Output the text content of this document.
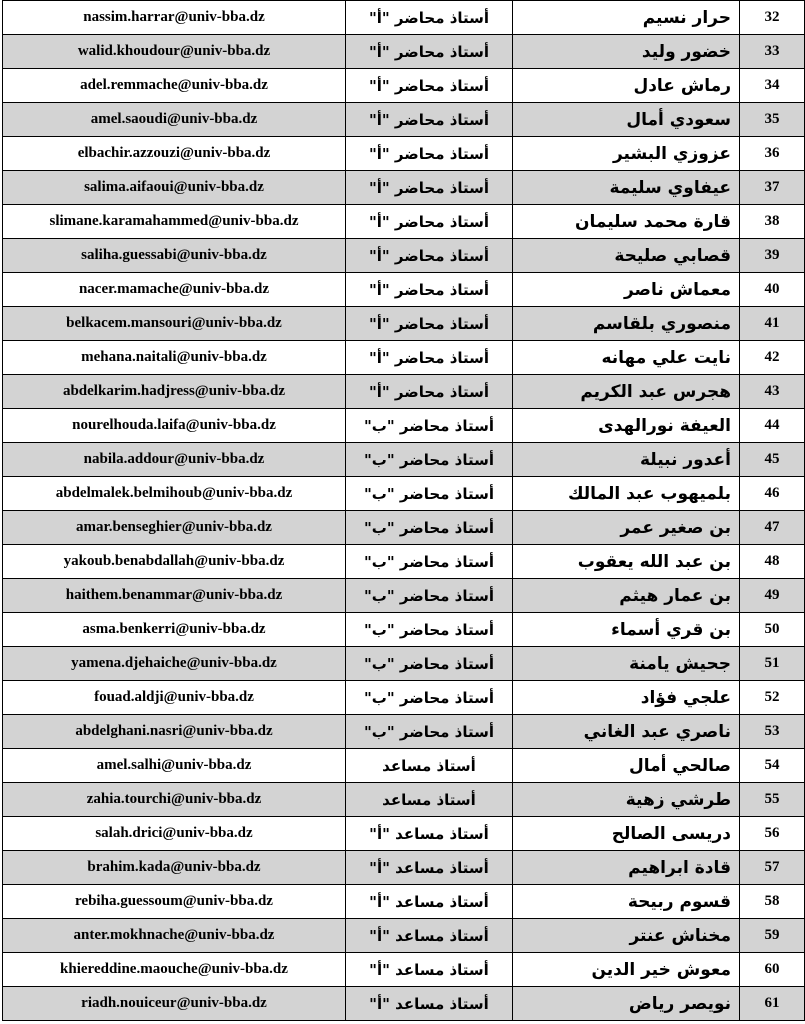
nassim.harrar@univ-bba.dz	أستاذ محاضر "أ"	حرار نسيم	32
walid.khoudour@univ-bba.dz	أستاذ محاضر "أ"	خضور وليد	33
adel.remmache@univ-bba.dz	أستاذ محاضر "أ"	رماش عادل	34
amel.saoudi@univ-bba.dz	أستاذ محاضر "أ"	سعودي أمال	35
elbachir.azzouzi@univ-bba.dz	أستاذ محاضر "أ"	عزوزي البشير	36
salima.aifaoui@univ-bba.dz	أستاذ محاضر "أ"	عيفاوي سليمة	37
slimane.karamahammed@univ-bba.dz	أستاذ محاضر "أ"	قارة محمد سليمان	38
saliha.guessabi@univ-bba.dz	أستاذ محاضر "أ"	قصابي صليحة	39
nacer.mamache@univ-bba.dz	أستاذ محاضر "أ"	معماش ناصر	40
belkacem.mansouri@univ-bba.dz	أستاذ محاضر "أ"	منصوري بلقاسم	41
mehana.naitali@univ-bba.dz	أستاذ محاضر "أ"	نايت علي مهانه	42
abdelkarim.hadjress@univ-bba.dz	أستاذ محاضر "أ"	هجرس عبد الكريم	43
nourelhouda.laifa@univ-bba.dz	أستاذ محاضر "ب"	العيفة نورالهدى	44
nabila.addour@univ-bba.dz	أستاذ محاضر "ب"	أعدور نبيلة	45
abdelmalek.belmihoub@univ-bba.dz	أستاذ محاضر "ب"	بلميهوب عبد المالك	46
amar.benseghier@univ-bba.dz	أستاذ محاضر "ب"	بن صغير عمر	47
yakoub.benabdallah@univ-bba.dz	أستاذ محاضر "ب"	بن عبد الله يعقوب	48
haithem.benammar@univ-bba.dz	أستاذ محاضر "ب"	بن عمار هيثم	49
asma.benkerri@univ-bba.dz	أستاذ محاضر "ب"	بن قري أسماء	50
yamena.djehaiche@univ-bba.dz	أستاذ محاضر "ب"	جحيش يامنة	51
fouad.aldji@univ-bba.dz	أستاذ محاضر "ب"	علجي فؤاد	52
abdelghani.nasri@univ-bba.dz	أستاذ محاضر "ب"	ناصري عبد الغاني	53
amel.salhi@univ-bba.dz	أستاذ مساعد	صالحي أمال	54
zahia.tourchi@univ-bba.dz	أستاذ مساعد	طرشي زهية	55
salah.drici@univ-bba.dz	أستاذ مساعد "أ"	دريسى الصالح	56
brahim.kada@univ-bba.dz	أستاذ مساعد "أ"	قادة ابراهيم	57
rebiha.guessoum@univ-bba.dz	أستاذ مساعد "أ"	قسوم ربيحة	58
anter.mokhnache@univ-bba.dz	أستاذ مساعد "أ"	مخناش عنتر	59
khiereddine.maouche@univ-bba.dz	أستاذ مساعد "أ"	معوش خير الدين	60
riadh.nouiceur@univ-bba.dz	أستاذ مساعد "أ"	نويصر رياض	61
